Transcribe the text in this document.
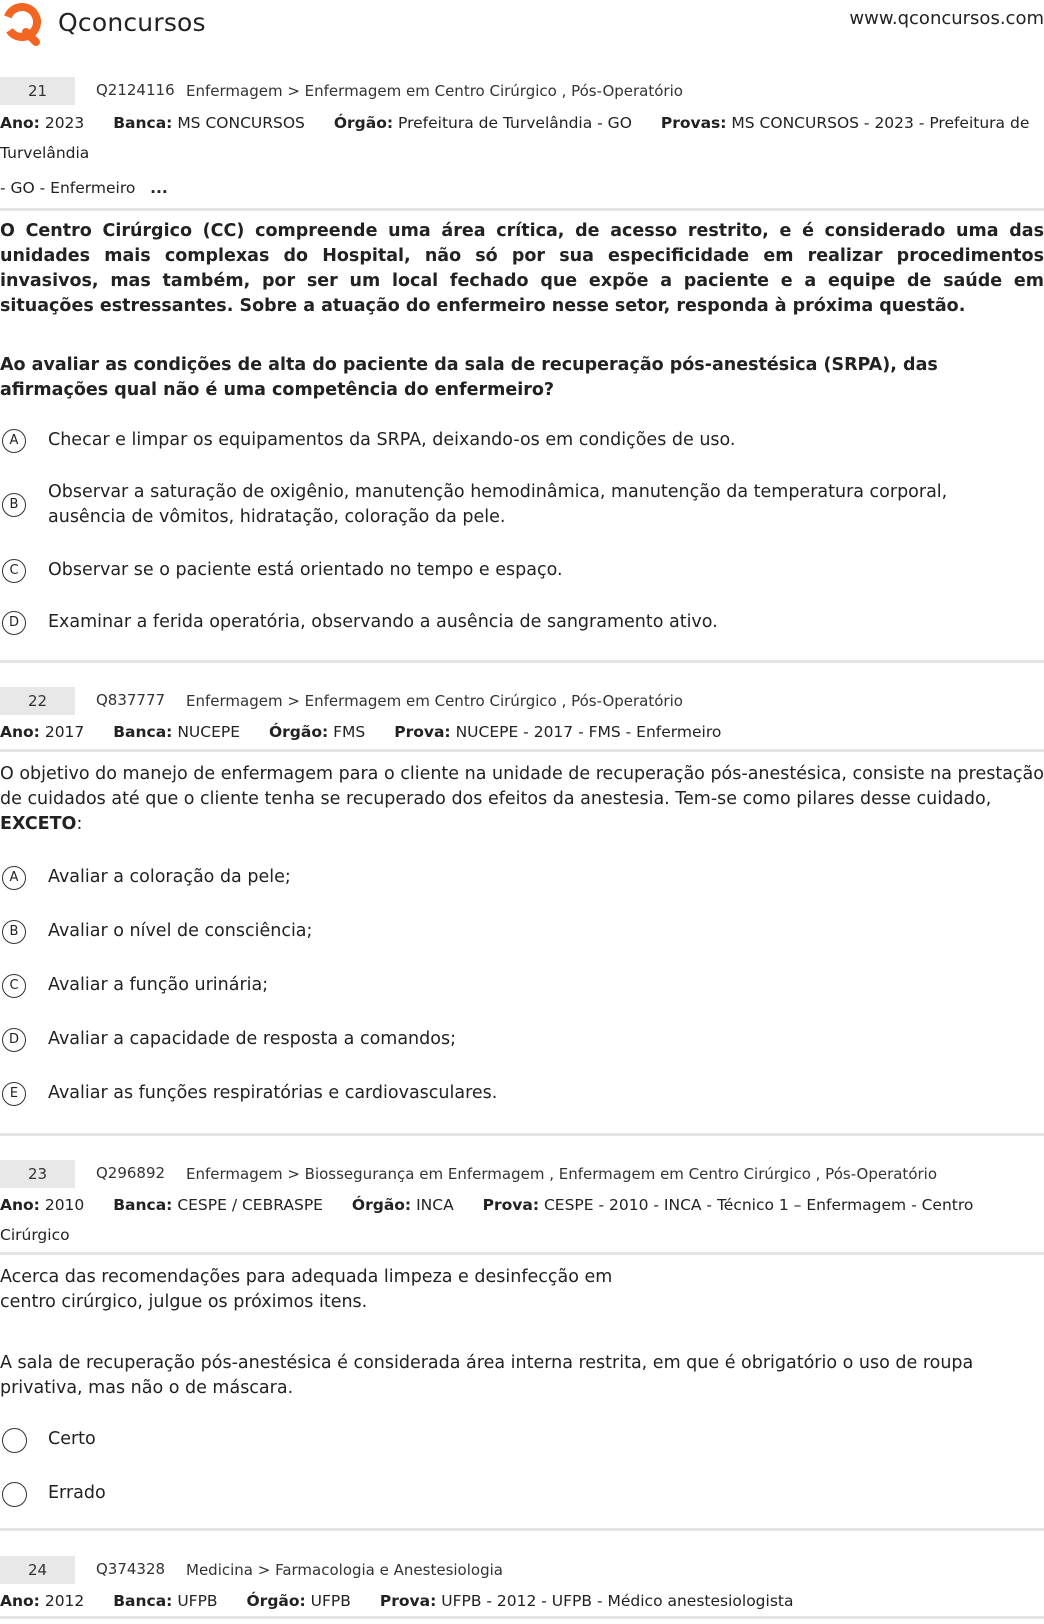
Qconcursos	www.qconcursos.com
21	Q2124116 Enfermagem > Enfermagem em Centro Cirúrgico , Pós-Operatório
Ano: 2023 Banca: MS CONCURSOS Órgão: Prefeitura de Turvelândia - GO Provas: MS CONCURSOS - 2023 - Prefeitura de Turvelândia
- GO - Enfermeiro ...
O Centro Cirúrgico (CC) compreende uma área crítica, de acesso restrito, e é considerado uma das unidades mais complexas do Hospital, não só por sua especificidade em realizar procedimentos invasivos, mas também, por ser um local fechado que expõe a paciente e a equipe de saúde em situações estressantes. Sobre a atuação do enfermeiro nesse setor, responda à próxima questão.
Ao avaliar as condições de alta do paciente da sala de recuperação pós-anestésica (SRPA), das afirmações qual não é uma competência do enfermeiro?
A	Checar e limpar os equipamentos da SRPA, deixando-os em condições de uso.
B
Observar a saturação de oxigênio, manutenção hemodinâmica, manutenção da temperatura corporal, ausência de vômitos, hidratação, coloração da pele.
C	Observar se o paciente está orientado no tempo e espaço.
D	Examinar a ferida operatória, observando a ausência de sangramento ativo.
22	Q837777 Enfermagem > Enfermagem em Centro Cirúrgico , Pós-Operatório
Ano: 2017 Banca: NUCEPE Órgão: FMS Prova: NUCEPE - 2017 - FMS - Enfermeiro
O objetivo do manejo de enfermagem para o cliente na unidade de recuperação pós-anestésica, consiste na prestação de cuidados até que o cliente tenha se recuperado dos efeitos da anestesia. Tem-se como pilares desse cuidado, EXCETO:
A	Avaliar a coloração da pele;
B	Avaliar o nível de consciência;
C	Avaliar a função urinária;
D	Avaliar a capacidade de resposta a comandos;
E	Avaliar as funções respiratórias e cardiovasculares.
23	Q296892 Enfermagem > Biossegurança em Enfermagem , Enfermagem em Centro Cirúrgico , Pós-Operatório
Ano: 2010 Banca: CESPE / CEBRASPE Órgão: INCA Prova: CESPE - 2010 - INCA - Técnico 1 – Enfermagem - Centro Cirúrgico
Acerca das recomendações para adequada limpeza e desinfecção em
centro cirúrgico, julgue os próximos itens.
A sala de recuperação pós-anestésica é considerada área interna restrita, em que é obrigatório o uso de roupa privativa, mas não o de máscara.
Certo
Errado
24	Q374328 Medicina > Farmacologia e Anestesiologia
Ano: 2012 Banca: UFPB Órgão: UFPB Prova: UFPB - 2012 - UFPB - Médico anestesiologista
